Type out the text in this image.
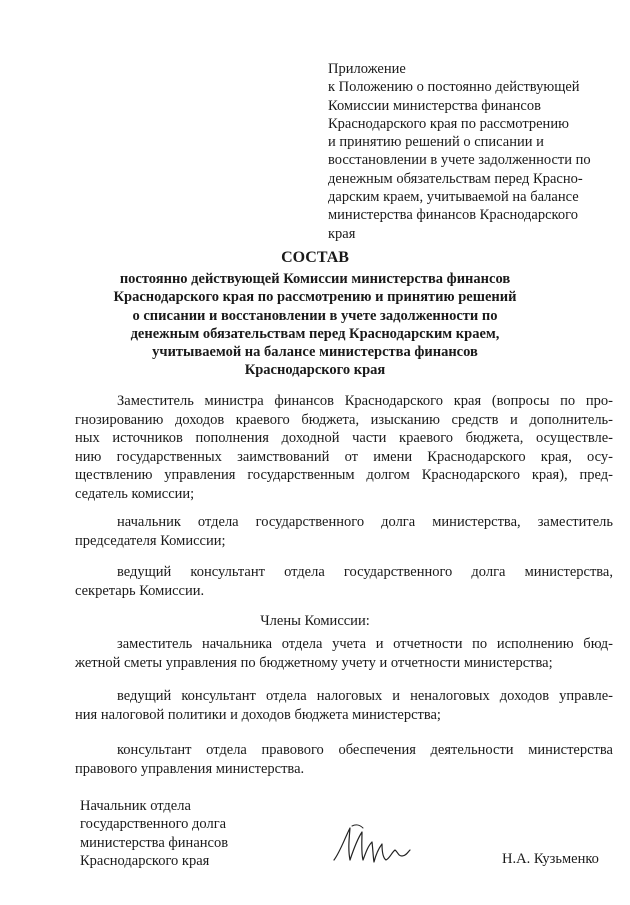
Приложение
к Положению о постоянно действующей
Комиссии министерства финансов
Краснодарского края по рассмотрению
и принятию решений о списании и
восстановлении в учете задолженности по
денежным обязательствам перед Красно-
дарским краем, учитываемой на балансе
министерства финансов Краснодарского
края
СОСТАВ
постоянно действующей Комиссии министерства финансов
Краснодарского края по рассмотрению и принятию решений
о списании и восстановлении в учете задолженности по
денежным обязательствам перед Краснодарским краем,
учитываемой на балансе министерства финансов
Краснодарского края
Заместитель министра финансов Краснодарского края (вопросы по про-
гнозированию доходов краевого бюджета, изысканию средств и дополнитель-
ных источников пополнения доходной части краевого бюджета, осуществле-
нию государственных заимствований от имени Краснодарского края, осу-
ществлению управления государственным долгом Краснодарского края), пред-
седатель комиссии;
начальник отдела государственного долга министерства, заместитель
председателя Комиссии;
ведущий консультант отдела государственного долга министерства,
секретарь Комиссии.
Члены Комиссии:
заместитель начальника отдела учета и отчетности по исполнению бюд-
жетной сметы управления по бюджетному учету и отчетности министерства;
ведущий консультант отдела налоговых и неналоговых доходов управле-
ния налоговой политики и доходов бюджета министерства;
консультант отдела правового обеспечения деятельности министерства
правового управления министерства.
Начальник отдела
государственного долга
министерства финансов
Краснодарского края	Н.А. Кузьменко
